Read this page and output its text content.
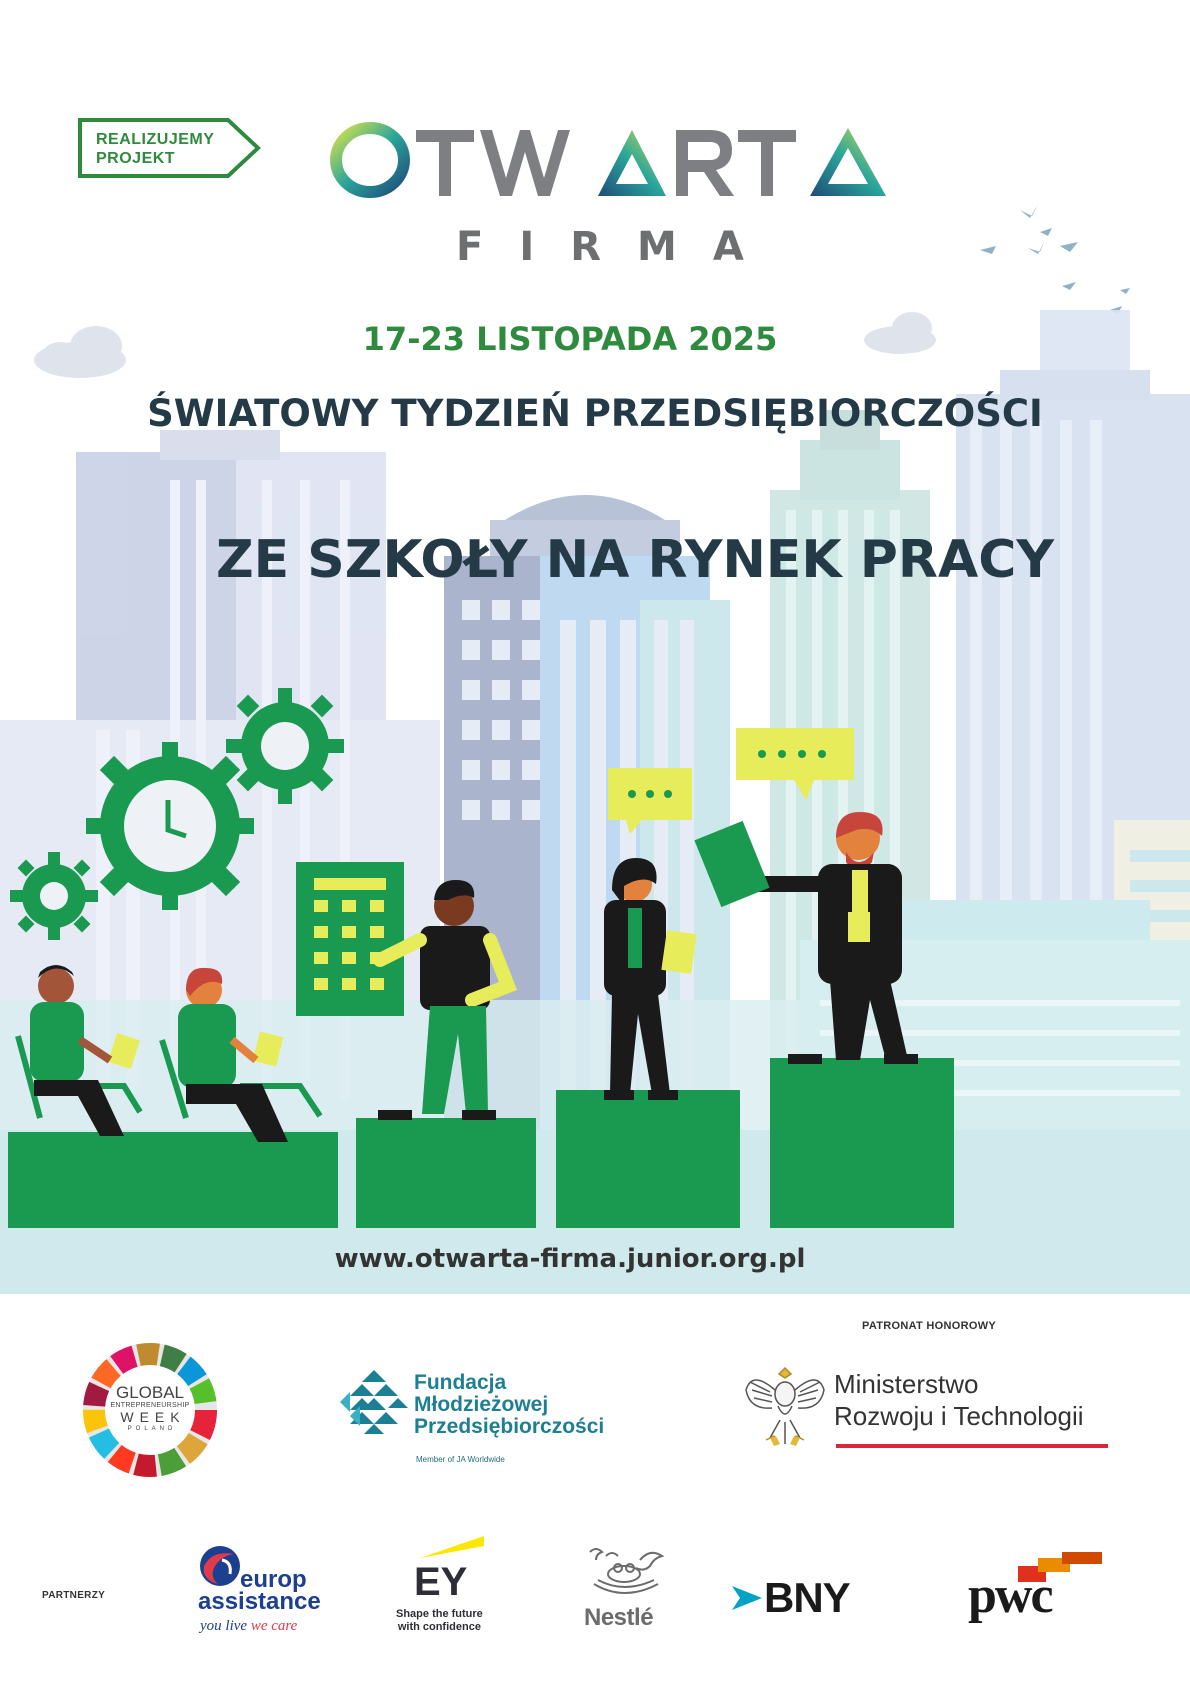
REALIZUJEMY
PROJEKT
FIRMA
17-23 LISTOPADA 2025
ŚWIATOWY TYDZIEŃ PRZEDSIĘBIORCZOŚCI
ZE SZKOŁY NA RYNEK PRACY
www.otwarta-firma.junior.org.pl
PATRONAT HONOROWY
GLOBAL
ENTREPRENEURSHIP
WEEK
POLAND
Fundacja
Młodzieżowej
Przedsiębiorczości
Member of JA Worldwide
Ministerstwo
Rozwoju i Technologii
PARTNERZY
europ
assistance
you live we care
EY
Shape the future
with confidence	Nestlé	BNY pwc
